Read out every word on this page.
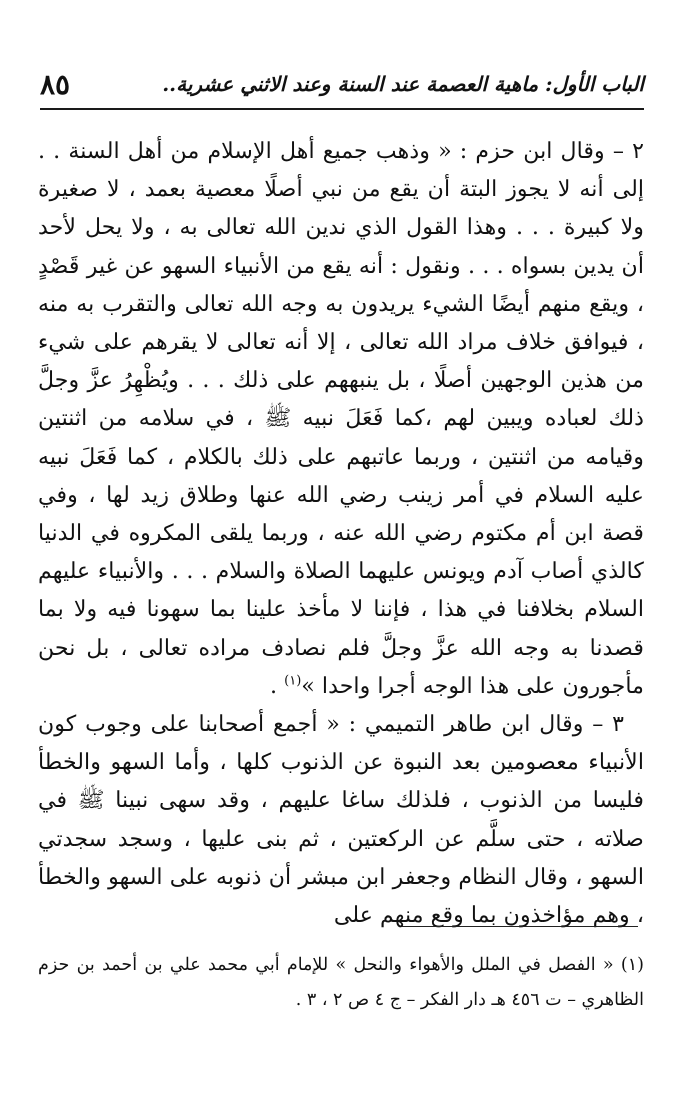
الباب الأول: ماهية العصمة عند السنة وعند الاثني عشرية..
٨٥

٢ – وقال ابن حزم : « وذهب جميع أهل الإسلام من أهل السنة . . إلى أنه لا يجوز البتة أن يقع من نبي أصلًا معصية بعمد ، لا صغيرة ولا كبيرة . . . وهذا القول الذي ندين الله تعالى به ، ولا يحل لأحد أن يدين بسواه . . . ونقول : أنه يقع من الأنبياء السهو عن غير قَصْدٍ ، ويقع منهم أيضًا الشيء يريدون به وجه الله تعالى والتقرب به منه ، فيوافق خلاف مراد الله تعالى ، إلا أنه تعالى لا يقرهم على شيء من هذين الوجهين أصلًا ، بل ينبههم على ذلك . . . ويُظْهِرُ عزَّ وجلَّ ذلك لعباده ويبين لهم ،كما فَعَلَ نبيه ﷺ ، في سلامه من اثنتين وقيامه من اثنتين ، وربما عاتبهم على ذلك بالكلام ، كما فَعَلَ نبيه عليه السلام في أمر زينب رضي الله عنها وطلاق زيد لها ، وفي قصة ابن أم مكتوم رضي الله عنه ، وربما يلقى المكروه في الدنيا كالذي أصاب آدم ويونس عليهما الصلاة والسلام . . . والأنبياء عليهم السلام بخلافنا في هذا ، فإننا لا مأخذ علينا بما سهونا فيه ولا بما قصدنا به وجه الله عزَّ وجلَّ فلم نصادف مراده تعالى ، بل نحن مأجورون على هذا الوجه أجرا واحدا »$^{(١)}$ .

٣ – وقال ابن طاهر التميمي : « أجمع أصحابنا على وجوب كون الأنبياء معصومين بعد النبوة عن الذنوب كلها ، وأما السهو والخطأ فليسا من الذنوب ، فلذلك ساغا عليهم ، وقد سهى نبينا ﷺ في صلاته ، حتى سلَّم عن الركعتين ، ثم بنى عليها ، وسجد سجدتي السهو ، وقال النظام وجعفر ابن مبشر أن ذنوبه على السهو والخطأ ، وهم مؤاخذون بما وقع منهم على

(١) « الفصل في الملل والأهواء والنحل » للإمام أبي محمد علي بن أحمد بن حزم الظاهري – ت ٤٥٦ هـ دار الفكر – ج ٤ ص ٢ ، ٣ .
